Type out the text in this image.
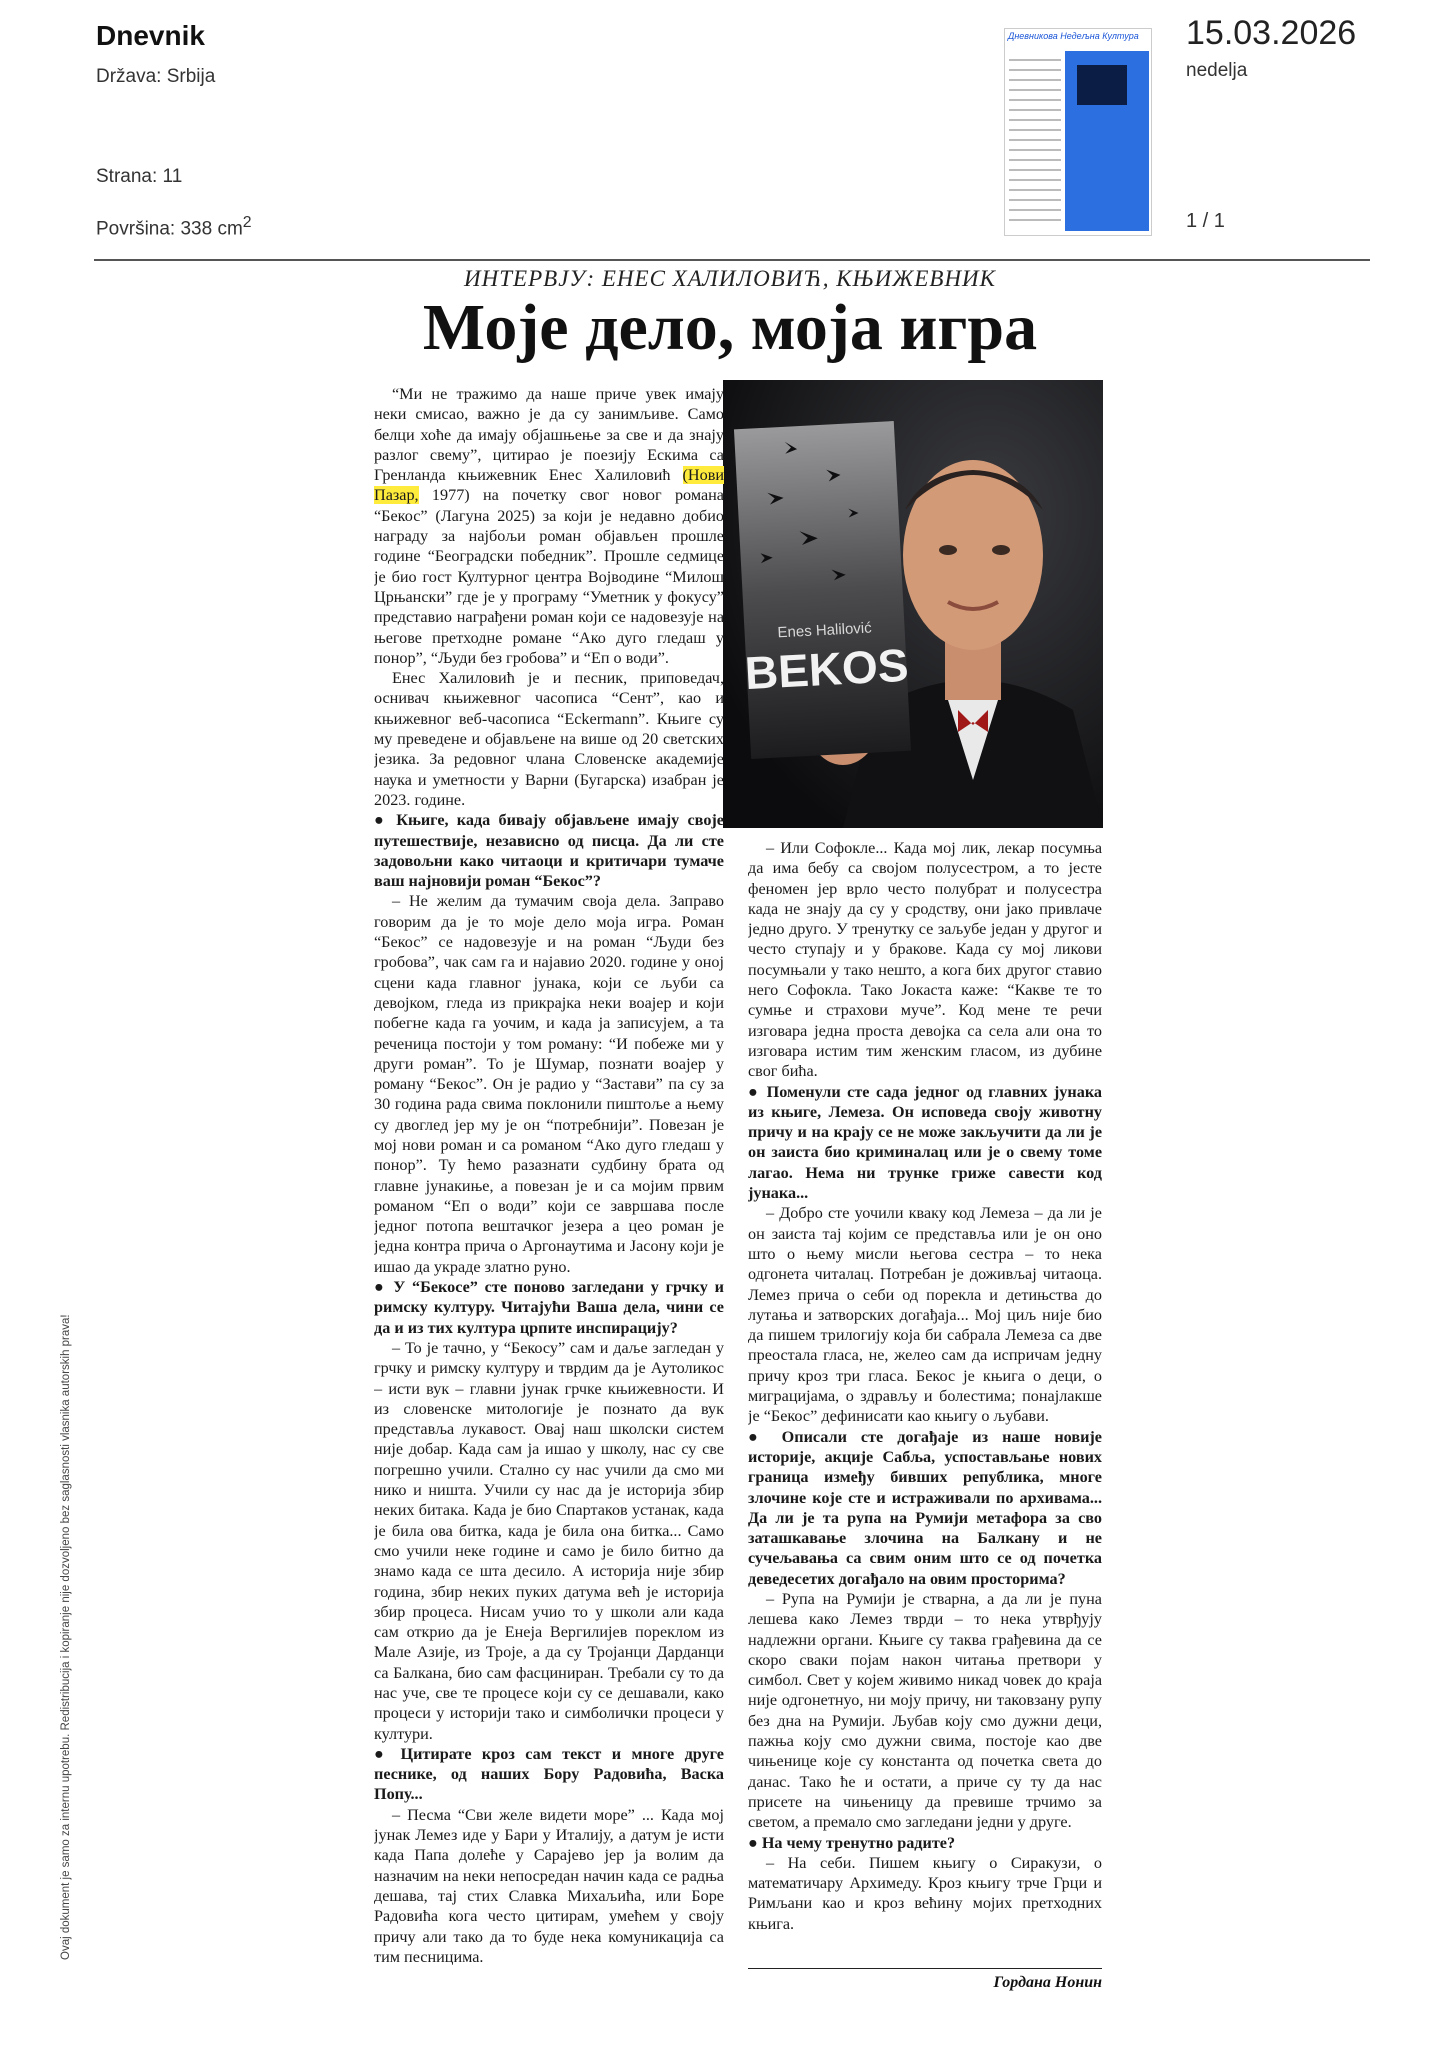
Dnevnik
Država: Srbija
Strana: 11
Površina: 338 $cm^2$
Дневникова Недељна Култура	15.03.2026
nedelja
1 / 1
ИНТЕРВЈУ: ЕНЕС ХАЛИЛОВИЋ, КЊИЖЕВНИК
Моје дело, моја игра
Enes Halilović
BEKOS

“Ми не тражимо да наше приче увек имају неки смисао, важно је да су занимљиве. Само белци хоће да имају објашњење за све и да знају разлог свему”, цитирао је поезију Ескима са Гренланда књижевник Енес Халиловић (Нови Пазар, 1977) на почетку свог новог романа “Бекос” (Лагуна 2025) за који је недавно добио награду за најбољи роман објављен прошле године “Београдски победник”. Прошле седмице је био гост Културног центра Војводине “Милош Црњански” где је у програму “Уметник у фокусу” представио награђени роман који се надовезује на његове претходне романе “Ако дуго гледаш у понор”, “Људи без гробова” и “Еп о води”.

Енес Халиловић је и песник, приповедач, оснивач књижевног часописа “Сент”, као и књижевног веб-часописа “Eckermann”. Књиге су му преведене и објављене на више од 20 светских језика. За редовног члана Словенске академије наука и уметности у Варни (Бугарска) изабран је 2023. године.

● Књиге, када бивају објављене имају своје путешествије, независно од писца. Да ли сте задовољни како читаоци и критичари тумаче ваш најновији роман “Бекос”?

– Не желим да тумачим своја дела. Заправо говорим да је то моје дело моја игра. Роман “Бекос” се надовезује и на роман “Људи без гробова”, чак сам га и најавио 2020. године у оној сцени када главног јунака, који се љуби са девојком, гледа из прикрајка неки воајер и који побегне када га уочим, и када ја записујем, а та реченица постоји у том роману: “И побеже ми у други роман”. То је Шумар, познати воајер у роману “Бекос”. Он је радио у “Застави” па су за 30 година рада свима поклонили пиштоље а њему су двоглед јер му је он “потребнији”. Повезан је мој нови роман и са романом “Ако дуго гледаш у понор”. Ту ћемо разазнати судбину брата од главне јунакиње, а повезан је и са мојим првим романом “Еп о води” који се завршава после једног потопа вештачког језера а цео роман је једна контра прича о Аргонаутима и Јасону који је ишао да украде златно руно.

● У “Бекосе” сте поново загледани у грчку и римску културу. Читајући Ваша дела, чини се да и из тих култура црпите инспирацију?

– То је тачно, у “Бекосу” сам и даље загледан у грчку и римску културу и тврдим да је Аутоликос – исти вук – главни јунак грчке књижевности. И из словенске митологије је познато да вук представља лукавост. Овај наш школски систем није добар. Када сам ја ишао у школу, нас су све погрешно учили. Стално су нас учили да смо ми нико и ништа. Учили су нас да је историја збир неких битака. Када је био Спартаков устанак, када је била ова битка, када је била она битка... Само смо учили неке године и само је било битно да знамо када се шта десило. А историја није збир година, збир неких пуких датума већ је историја збир процеса. Нисам учио то у школи али када сам открио да је Енеја Вергилијев пореклом из Мале Азије, из Троје, а да су Тројанци Дарданци са Балкана, био сам фасциниран. Требали су то да нас уче, све те процесе који су се дешавали, како процеси у историји тако и симболички процеси у култури.

● Цитирате кроз сам текст и многе друге песнике, од наших Бору Радовића, Васка Попу...

– Песма “Сви желе видети море” ... Када мој јунак Лемез иде у Бари у Италију, а датум је исти када Папа долеће у Сарајево јер ја волим да назначим на неки непосредан начин када се радња дешава, тај стих Славка Михаљића, или Боре Радовића кога често цитирам, умећем у своју причу али тако да то буде нека комуникација са тим песницима.

– Или Софокле... Када мој лик, лекар посумња да има бебу са својом полусестром, а то јесте феномен јер врло често полубрат и полусестра када не знају да су у сродству, они јако привлаче једно друго. У тренутку се заљубе један у другог и често ступају и у бракове. Када су мој ликови посумњали у тако нешто, а кога бих другог ставио него Софокла. Тако Јокаста каже: “Какве те то сумње и страхови муче”. Код мене те речи изговара једна проста девојка са села али она то изговара истим тим женским гласом, из дубине свог бића.

● Поменули сте сада једног од главних јунака из књиге, Лемеза. Он исповеда своју животну причу и на крају се не може закључити да ли је он заиста био криминалац или је о свему томе лагао. Нема ни трунке гриже савести код јунака...

– Добро сте уочили кваку код Лемеза – да ли је он заиста тај којим се представља или је он оно што о њему мисли његова сестра – то нека одгонета читалац. Потребан је доживљај читаоца. Лемез прича о себи од порекла и детињства до лутања и затворских догађаја... Мој циљ није био да пишем трилогију која би сабрала Лемеза са две преостала гласа, не, желео сам да испричам једну причу кроз три гласа. Бекос је књига о деци, о миграцијама, о здрављу и болестима; понајлакше је “Бекос” дефинисати као књигу о љубави.

● Описали сте догађаје из наше новије историје, акције Сабља, успостављање нових граница између бивших република, многе злочине које сте и истраживали по архивама... Да ли је та рупа на Румији метафора за сво заташкавање злочина на Балкану и не сучељавања са свим оним што се од почетка деведесетих догађало на овим просторима?

– Рупа на Румији је стварна, а да ли је пуна лешева како Лемез тврди – то нека утврђују надлежни органи. Књиге су таква грађевина да се скоро сваки појам након читања претвори у симбол. Свет у којем живимо никад човек до краја није одгонетнуо, ни моју причу, ни таковзану рупу без дна на Румији. Љубав коју смо дужни деци, пажња коју смо дужни свима, постоје као две чињенице које су константа од почетка света до данас. Тако ће и остати, а приче су ту да нас присете на чињеницу да превише трчимо за светом, а премало смо загледани једни у друге.

● На чему тренутно радите?

– На себи. Пишем књигу о Сиракузи, о математичару Архимеду. Кроз књигу трче Грци и Римљани као и кроз већину мојих претходних књига.

Гордана Нонин
Ovaj dokument je samo za internu upotrebu. Redistribucija i kopiranje nije dozvoljeno bez saglasnosti vlasnika autorskih prava!
